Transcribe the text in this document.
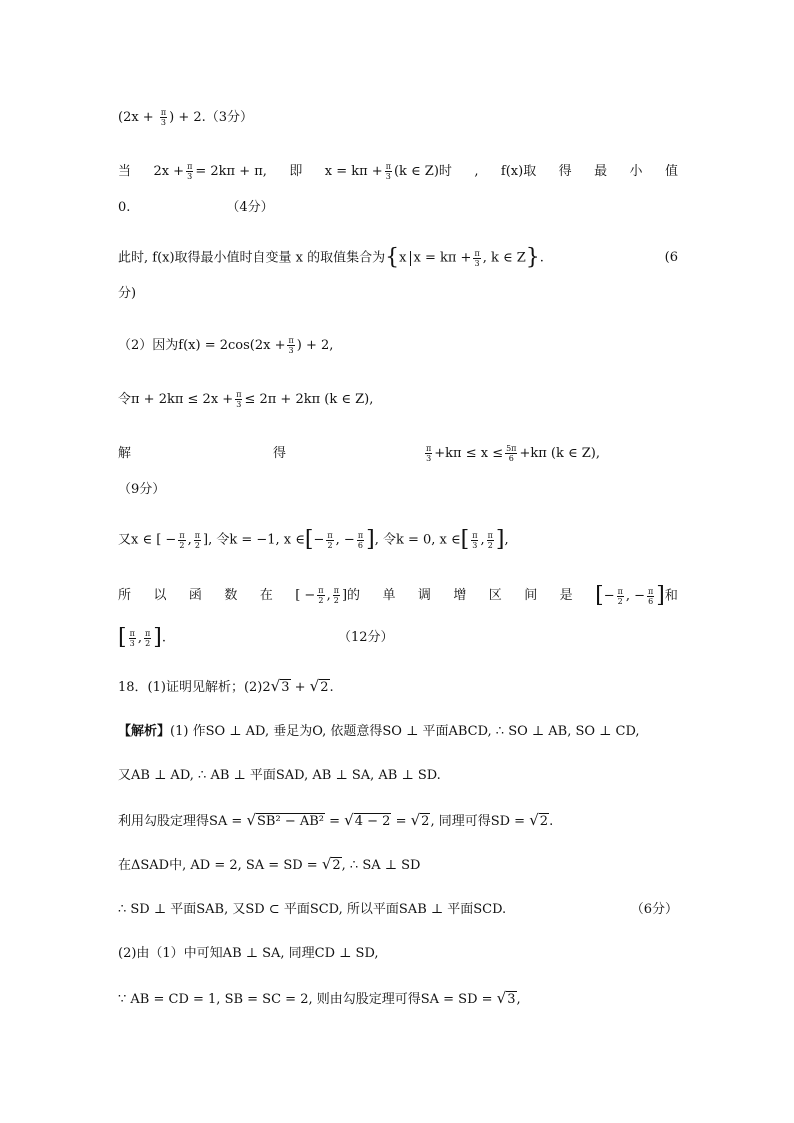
($2x + \frac{\pi}{3}$ ) + 2.（3分）
当 $2x + \frac{\pi}{3} = 2k\pi + \pi$, 即 $x = k\pi + \frac{\pi}{3} (k$ ∈ Z)时 , f(x)取 得 最 小 值
0.	（4分）
此时, f(x)取得最小值时自变量 x 的取值集合为{x $x = k\pi + \frac{\pi}{3}$ , k ∈ Z}.	(6
分)
（2）因为$f(x) = 2\cos(2x + \frac{\pi}{3}$ ) + 2,
令$\pi + 2k\pi \le 2x + \frac{\pi}{3} \le 2\pi + 2k\pi$ (k ∈ Z),
解	得	$\frac{\pi}{3} +k\pi \le x \le \frac{5\pi}{6} +k\pi$ (k ∈ Z),
（9分）
又x ∈ [ − $\frac{\pi}{2}$ , $\frac{\pi}{2}$ ], 令k = −1, x ∈[− $\frac{\pi}{2}$ , − $\frac{\pi}{6}$ ], 令k = 0, x ∈[ $\frac{\pi}{3}$ , $\frac{\pi}{2}$ ],
所 以 函 数 在 [ − $\frac{\pi}{2}$ , $\frac{\pi}{2}$ ]的 单 调 增 区 间 是 [− $\frac{\pi}{2}$ , − $\frac{\pi}{6}$ ]和
[ $\frac{\pi}{3}$ , $\frac{\pi}{2}$ ].	（12分）
18．(1)证明见解析；(2)2√3 + √2.
【解析】(1) 作SO ⊥ AD, 垂足为O, 依题意得SO ⊥ 平面ABCD, ∴ SO ⊥ AB, SO ⊥ CD,
又AB ⊥ AD, ∴ AB ⊥ 平面SAD, AB ⊥ SA, AB ⊥ SD.
利用勾股定理得SA = √SB² − AB² = √4 − 2 = √2, 同理可得SD = √2.
在ΔSAD中, AD = 2, SA = SD = √2, ∴ SA ⊥ SD
∴ SD ⊥ 平面SAB, 又SD ⊂ 平面SCD, 所以平面SAB ⊥ 平面SCD.	（6分）
(2)由（1）中可知AB ⊥ SA, 同理CD ⊥ SD,
∵ AB = CD = 1, SB = SC = 2, 则由勾股定理可得SA = SD = √3,
